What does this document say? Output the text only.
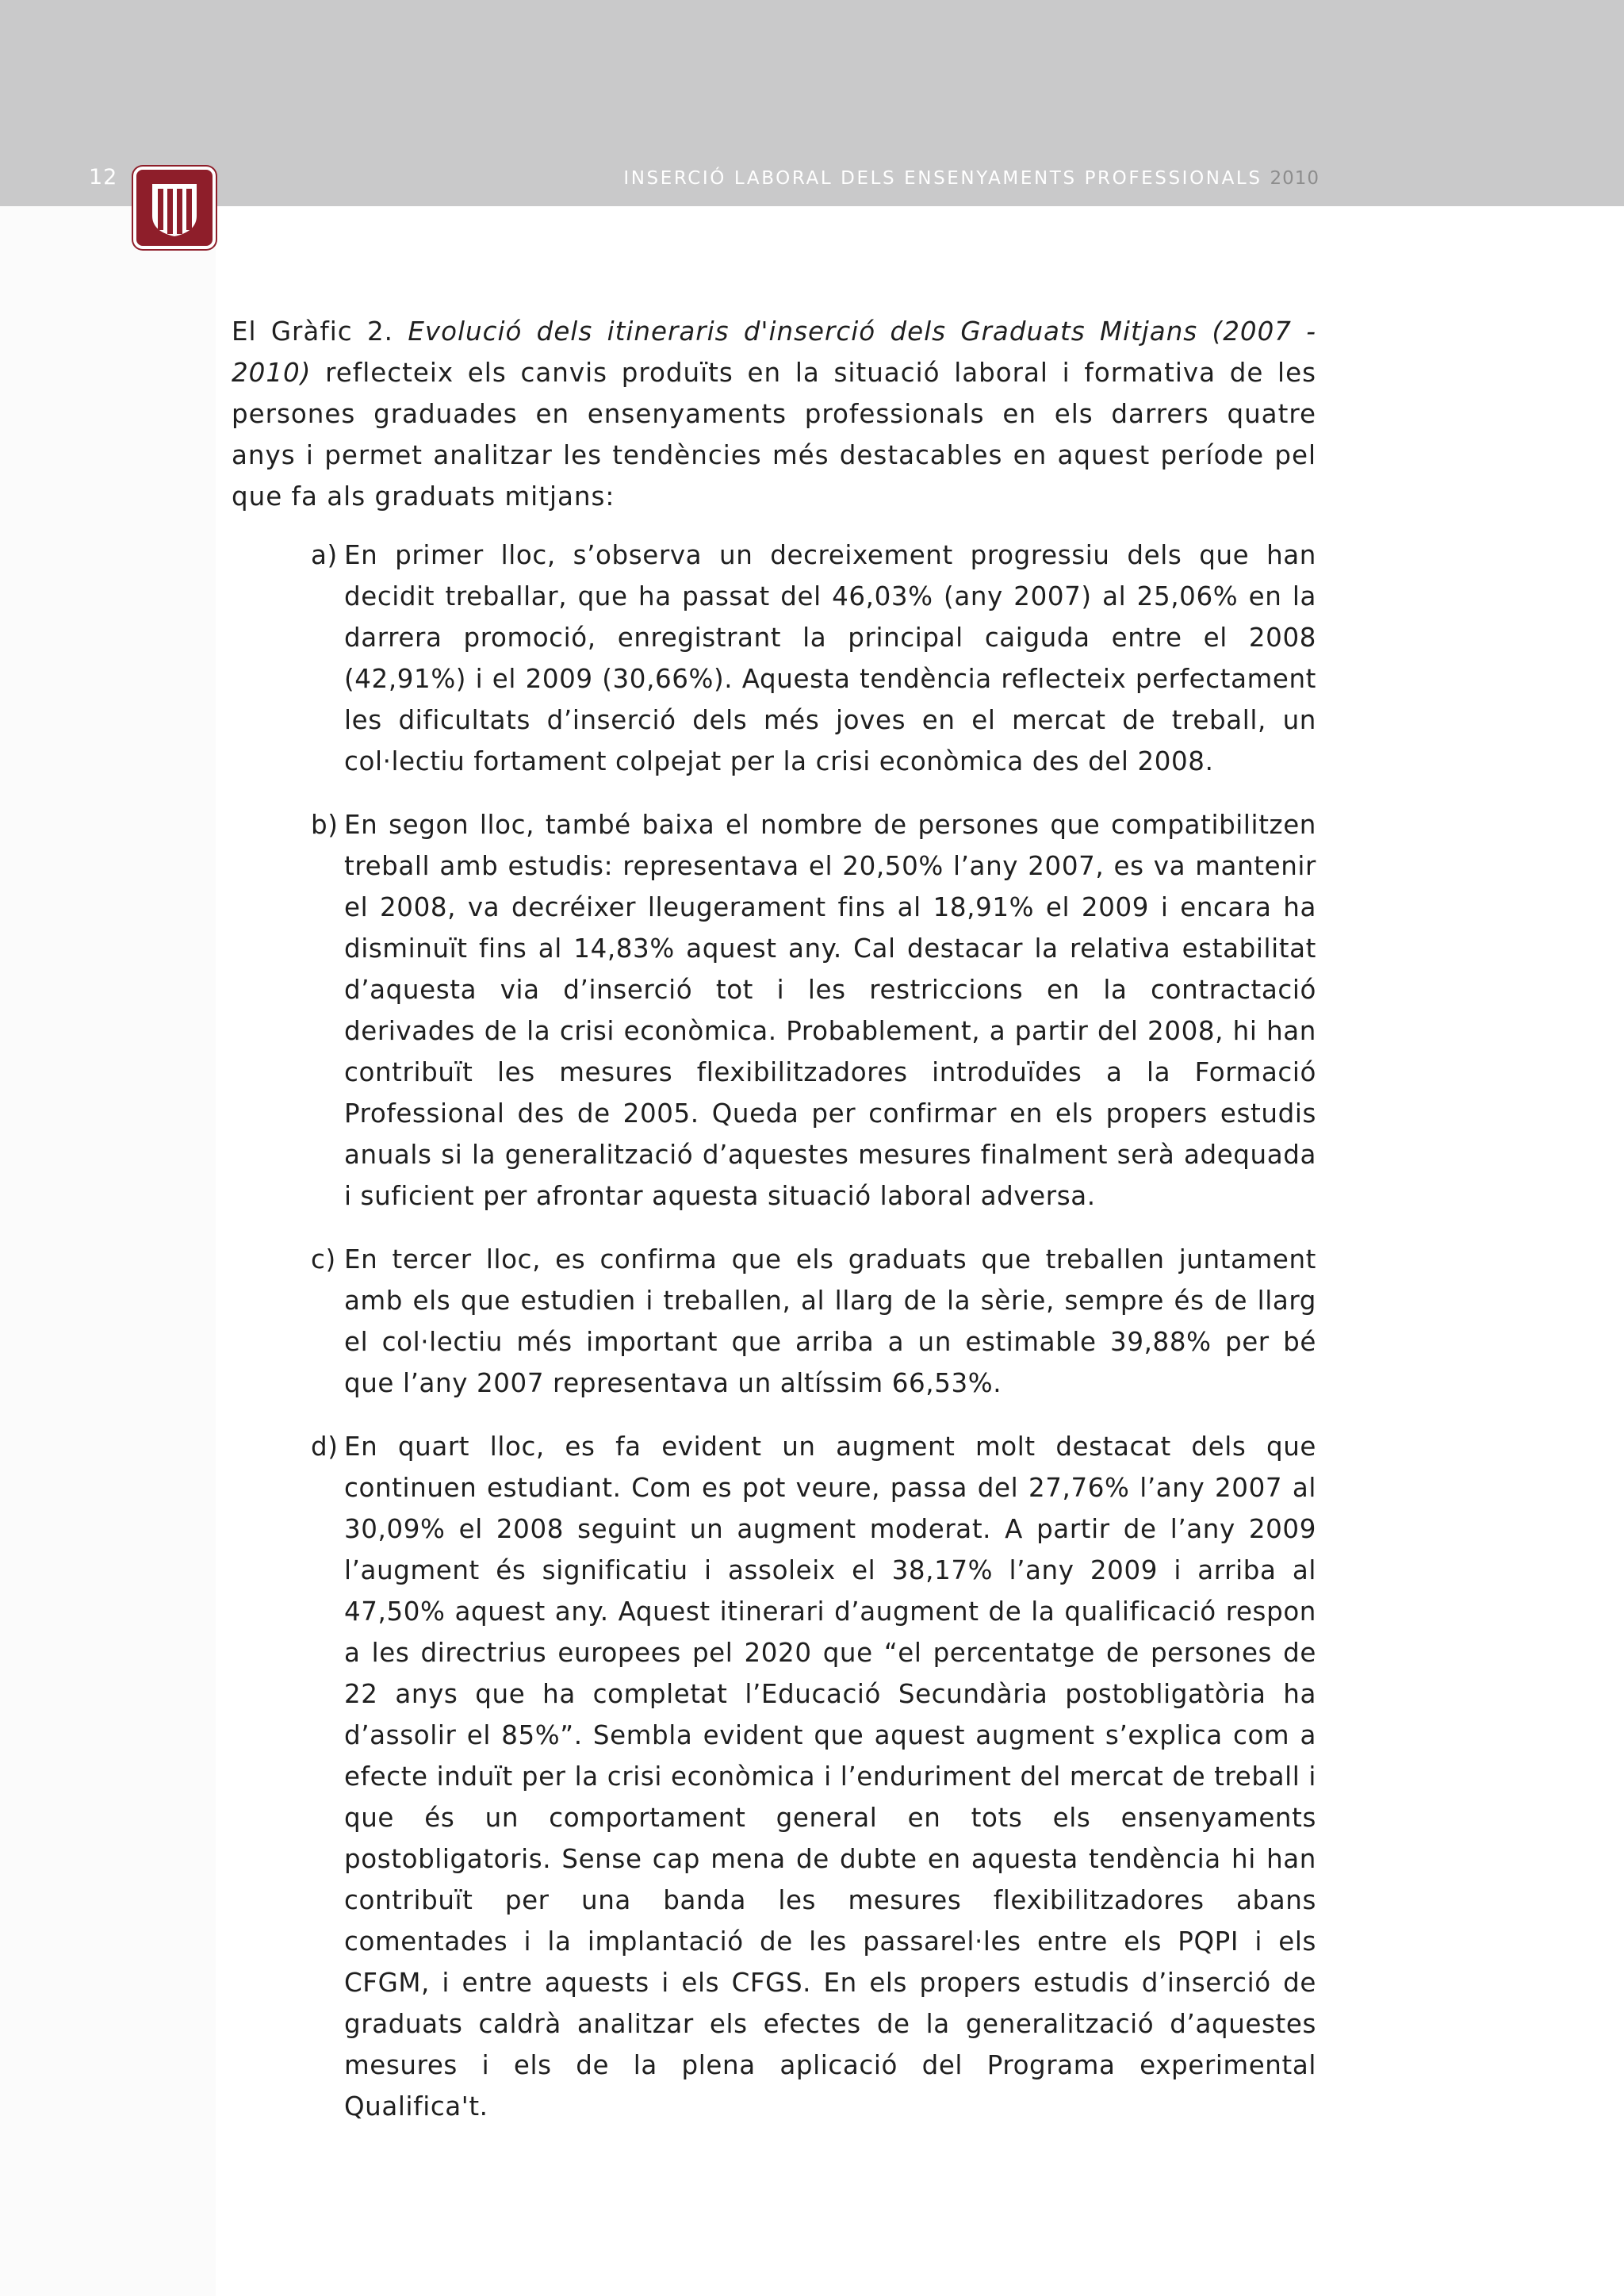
12	INSERCIÓ LABORAL DELS ENSENYAMENTS PROFESSIONALS 2010

El Gràfic 2. Evolució dels itineraris d'inserció dels Graduats Mitjans (2007 - 2010) reflecteix els canvis produïts en la situació laboral i formativa de les persones graduades en ensenyaments professionals en els darrers quatre anys i permet analitzar les tendències més destacables en aquest període pel que fa als graduats mitjans:

a) En primer lloc, s’observa un decreixement progressiu dels que han decidit treballar, que ha passat del 46,03% (any 2007) al 25,06% en la darrera promoció, enregistrant la principal caiguda entre el 2008 (42,91%) i el 2009 (30,66%). Aquesta tendència reflecteix perfectament les dificultats d’inserció dels més joves en el mercat de treball, un col·lectiu fortament colpejat per la crisi econòmica des del 2008.
b) En segon lloc, també baixa el nombre de persones que compatibilitzen treball amb estudis: representava el 20,50% l’any 2007, es va mantenir el 2008, va decréixer lleugerament fins al 18,91% el 2009 i encara ha disminuït fins al 14,83% aquest any. Cal destacar la relativa estabilitat d’aquesta via d’inserció tot i les restriccions en la contractació derivades de la crisi econòmica. Probablement, a partir del 2008, hi han contribuït les mesures flexibilitzadores introduïdes a la Formació Professional des de 2005. Queda per confirmar en els propers estudis anuals si la generalització d’aquestes mesures finalment serà adequada i suficient per afrontar aquesta situació laboral adversa.
c) En tercer lloc, es confirma que els graduats que treballen juntament amb els que estudien i treballen, al llarg de la sèrie, sempre és de llarg el col·lectiu més important que arriba a un estimable 39,88% per bé que l’any 2007 representava un altíssim 66,53%.
d) En quart lloc, es fa evident un augment molt destacat dels que continuen estudiant. Com es pot veure, passa del 27,76% l’any 2007 al 30,09% el 2008 seguint un augment moderat. A partir de l’any 2009 l’augment és significatiu i assoleix el 38,17% l’any 2009 i arriba al 47,50% aquest any. Aquest itinerari d’augment de la qualificació respon a les directrius europees pel 2020 que “el percentatge de persones de 22 anys que ha completat l’Educació Secundària postobligatòria ha d’assolir el 85%”. Sembla evident que aquest augment s’explica com a efecte induït per la crisi econòmica i l’enduriment del mercat de treball i que és un comportament general en tots els ensenyaments postobligatoris. Sense cap mena de dubte en aquesta tendència hi han contribuït per una banda les mesures flexibilitzadores abans comentades i la implantació de les passarel·les entre els PQPI i els CFGM, i entre aquests i els CFGS. En els propers estudis d’inserció de graduats caldrà analitzar els efectes de la generalització d’aquestes mesures i els de la plena aplicació del Programa experimental Qualifica't.
